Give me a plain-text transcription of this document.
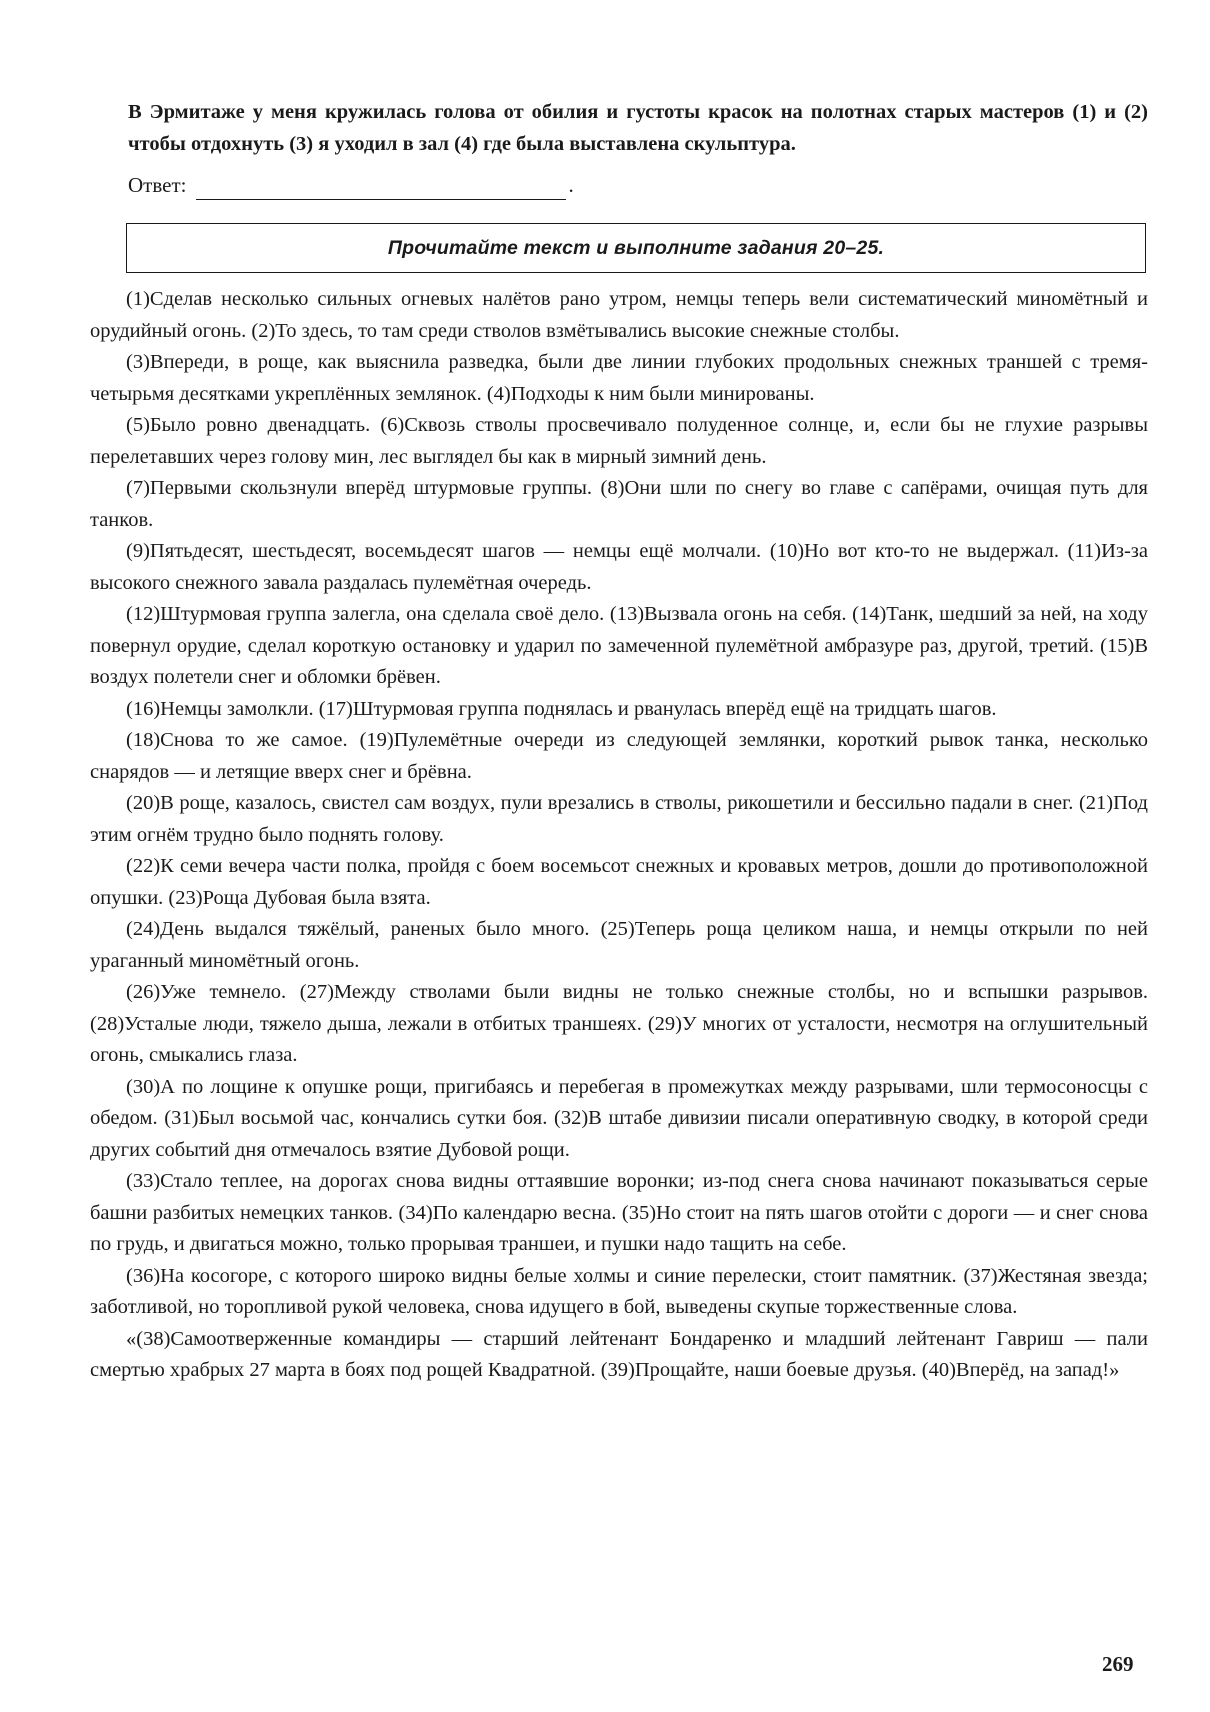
В Эрмитаже у меня кружилась голова от обилия и густоты красок на полотнах старых мастеров (1) и (2) чтобы отдохнуть (3) я уходил в зал (4) где была выставлена скульптура.

Ответ:	.
Прочитайте текст и выполните задания 20–25.

(1)Сделав несколько сильных огневых налётов рано утром, немцы теперь вели систематический миномётный и орудийный огонь. (2)То здесь, то там среди стволов взмётывались высокие снежные столбы.

(3)Впереди, в роще, как выяснила разведка, были две линии глубоких продольных снежных траншей с тремя-четырьмя десятками укреплённых землянок. (4)Подходы к ним были минированы.

(5)Было ровно двенадцать. (6)Сквозь стволы просвечивало полуденное солнце, и, если бы не глухие разрывы перелетавших через голову мин, лес выглядел бы как в мирный зимний день.

(7)Первыми скользнули вперёд штурмовые группы. (8)Они шли по снегу во главе с сапёрами, очищая путь для танков.

(9)Пятьдесят, шестьдесят, восемьдесят шагов — немцы ещё молчали. (10)Но вот кто-то не выдержал. (11)Из-за высокого снежного завала раздалась пулемётная очередь.

(12)Штурмовая группа залегла, она сделала своё дело. (13)Вызвала огонь на себя. (14)Танк, шедший за ней, на ходу повернул орудие, сделал короткую остановку и ударил по замеченной пулемётной амбразуре раз, другой, третий. (15)В воздух полетели снег и обломки брёвен.

(16)Немцы замолкли. (17)Штурмовая группа поднялась и рванулась вперёд ещё на тридцать шагов.

(18)Снова то же самое. (19)Пулемётные очереди из следующей землянки, короткий рывок танка, несколько снарядов — и летящие вверх снег и брёвна.

(20)В роще, казалось, свистел сам воздух, пули врезались в стволы, рикошетили и бессильно падали в снег. (21)Под этим огнём трудно было поднять голову.

(22)К семи вечера части полка, пройдя с боем восемьсот снежных и кровавых метров, дошли до противоположной опушки. (23)Роща Дубовая была взята.

(24)День выдался тяжёлый, раненых было много. (25)Теперь роща целиком наша, и немцы открыли по ней ураганный миномётный огонь.

(26)Уже темнело. (27)Между стволами были видны не только снежные столбы, но и вспышки разрывов. (28)Усталые люди, тяжело дыша, лежали в отбитых траншеях. (29)У многих от усталости, несмотря на оглушительный огонь, смыкались глаза.

(30)А по лощине к опушке рощи, пригибаясь и перебегая в промежутках между разрывами, шли термосоносцы с обедом. (31)Был восьмой час, кончались сутки боя. (32)В штабе дивизии писали оперативную сводку, в которой среди других событий дня отмечалось взятие Дубовой рощи.

(33)Стало теплее, на дорогах снова видны оттаявшие воронки; из-под снега снова начинают показываться серые башни разбитых немецких танков. (34)По календарю весна. (35)Но стоит на пять шагов отойти с дороги — и снег снова по грудь, и двигаться можно, только прорывая траншеи, и пушки надо тащить на себе.

(36)На косогоре, с которого широко видны белые холмы и синие перелески, стоит памятник. (37)Жестяная звезда; заботливой, но торопливой рукой человека, снова идущего в бой, выведены скупые торжественные слова.

«(38)Самоотверженные командиры — старший лейтенант Бондаренко и младший лейтенант Гавриш — пали смертью храбрых 27 марта в боях под рощей Квадратной. (39)Прощайте, наши боевые друзья. (40)Вперёд, на запад!»

269
